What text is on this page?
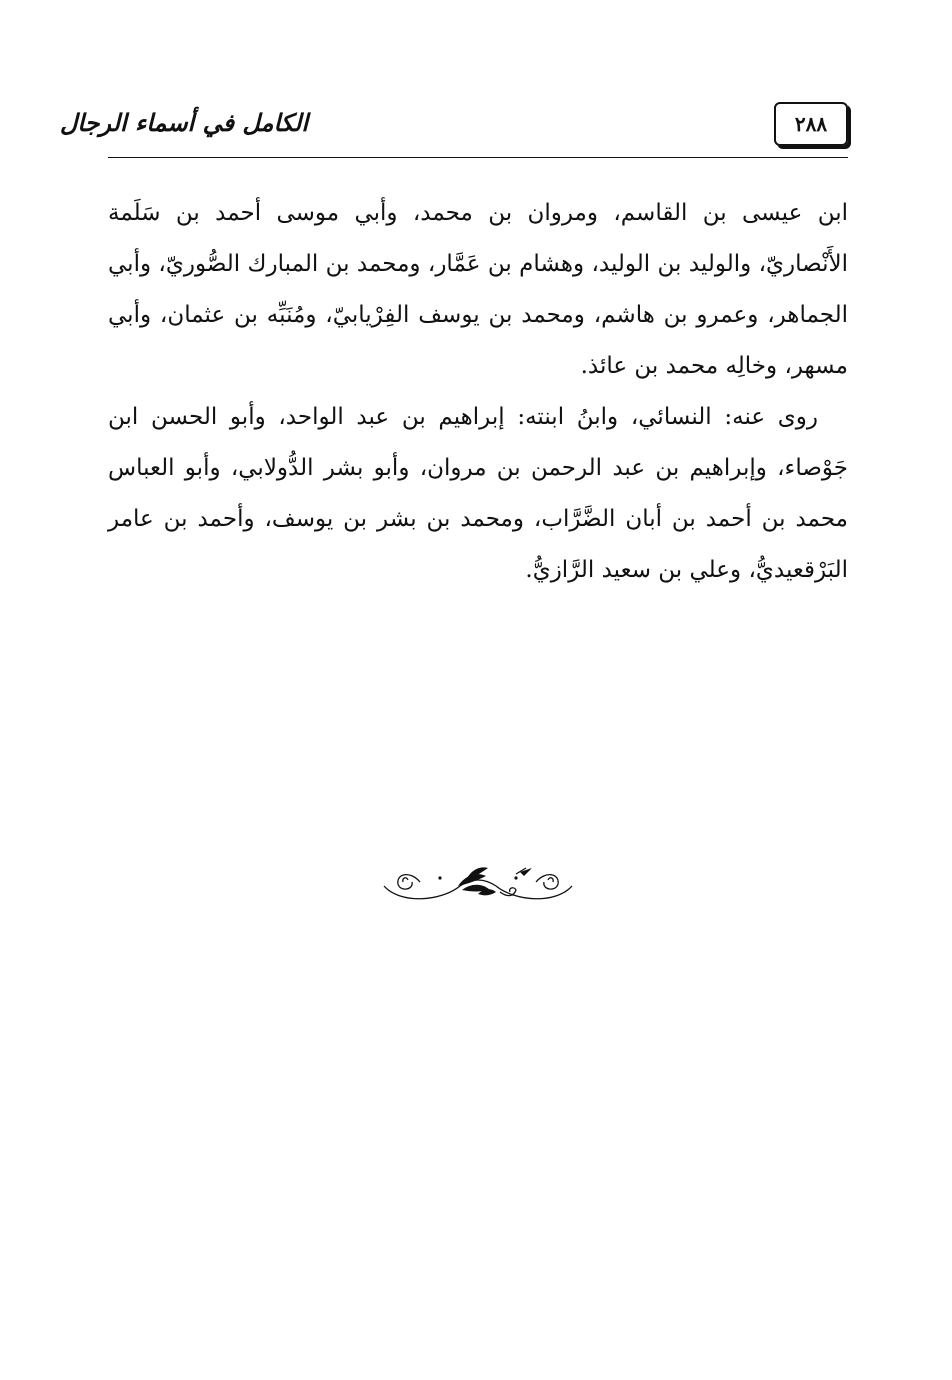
الكامل في أسماء الرجال	٢٨٨

ابن عيسى بن القاسم، ومروان بن محمد، وأبي موسى أحمد بن سَلَمة الأَنْصاريّ، والوليد بن الوليد، وهشام بن عَمَّار، ومحمد بن المبارك الصُّوريّ، وأبي الجماهر، وعمرو بن هاشم، ومحمد بن يوسف الفِرْيابيّ، ومُنَبِّه بن عثمان، وأبي مسهر، وخالِه محمد بن عائذ.

روى عنه: النسائي، وابنُ ابنته: إبراهيم بن عبد الواحد، وأبو الحسن ابن جَوْصاء، وإبراهيم بن عبد الرحمن بن مروان، وأبو بشر الدُّولابي، وأبو العباس محمد بن أحمد بن أبان الضَّرَّاب، ومحمد بن بشر بن يوسف، وأحمد بن عامر البَرْقعيديُّ، وعلي بن سعيد الرَّازيُّ.
